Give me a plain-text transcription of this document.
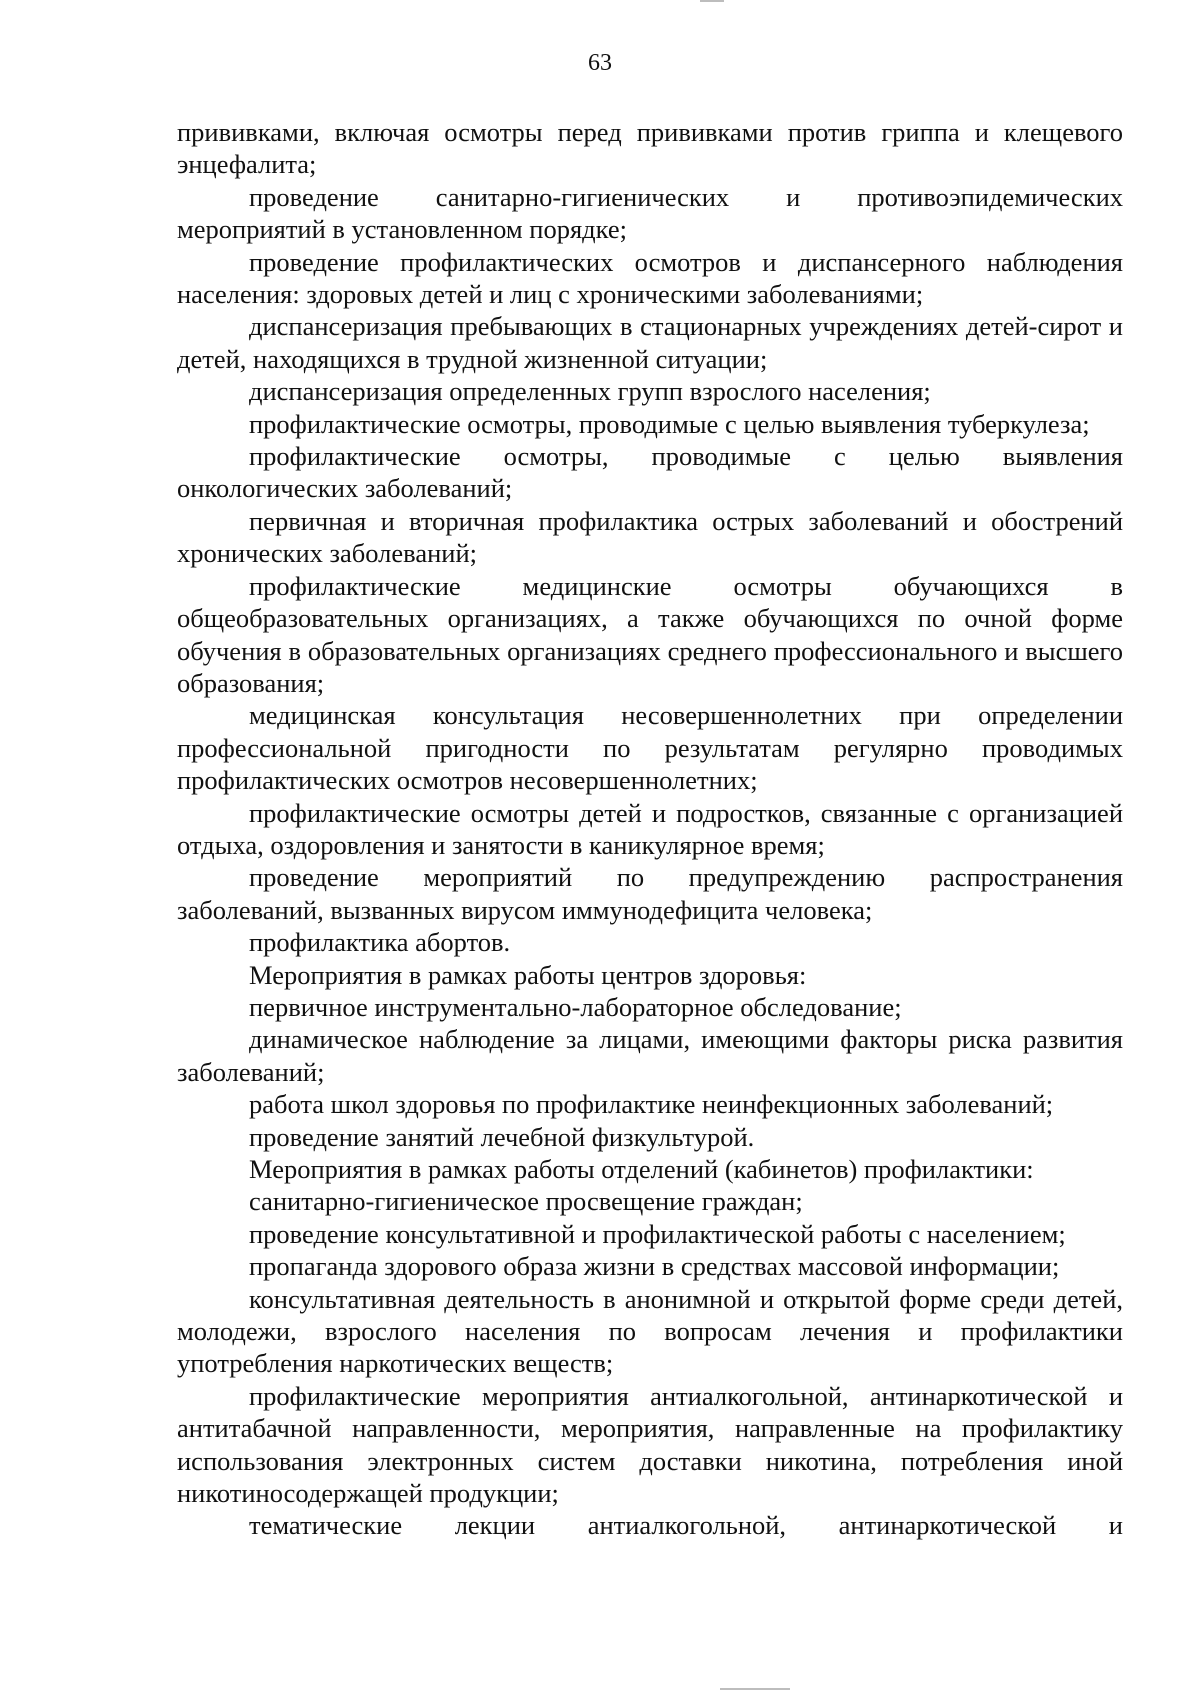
63

прививками, включая осмотры перед прививками против гриппа и клещевого энцефалита;

проведение санитарно-гигиенических и противоэпидемических мероприятий в установленном порядке;

проведение профилактических осмотров и диспансерного наблюдения населения: здоровых детей и лиц с хроническими заболеваниями;

диспансеризация пребывающих в стационарных учреждениях детей-сирот и детей, находящихся в трудной жизненной ситуации;

диспансеризация определенных групп взрослого населения;

профилактические осмотры, проводимые с целью выявления туберкулеза;

профилактические осмотры, проводимые с целью выявления онкологических заболеваний;

первичная и вторичная профилактика острых заболеваний и обострений хронических заболеваний;

профилактические медицинские осмотры обучающихся в общеобразовательных организациях, а также обучающихся по очной форме обучения в образовательных организациях среднего профессионального и высшего образования;

медицинская консультация несовершеннолетних при определении профессиональной пригодности по результатам регулярно проводимых профилактических осмотров несовершеннолетних;

профилактические осмотры детей и подростков, связанные с организацией отдыха, оздоровления и занятости в каникулярное время;

проведение мероприятий по предупреждению распространения заболеваний, вызванных вирусом иммунодефицита человека;

профилактика абортов.

Мероприятия в рамках работы центров здоровья:

первичное инструментально-лабораторное обследование;

динамическое наблюдение за лицами, имеющими факторы риска развития заболеваний;

работа школ здоровья по профилактике неинфекционных заболеваний;

проведение занятий лечебной физкультурой.

Мероприятия в рамках работы отделений (кабинетов) профилактики:

санитарно-гигиеническое просвещение граждан;

проведение консультативной и профилактической работы с населением;

пропаганда здорового образа жизни в средствах массовой информации;

консультативная деятельность в анонимной и открытой форме среди детей, молодежи, взрослого населения по вопросам лечения и профилактики употребления наркотических веществ;

профилактические мероприятия антиалкогольной, антинаркотической и антитабачной направленности, мероприятия, направленные на профилактику использования электронных систем доставки никотина, потребления иной никотиносодержащей продукции;

тематические лекции антиалкогольной, антинаркотической и
